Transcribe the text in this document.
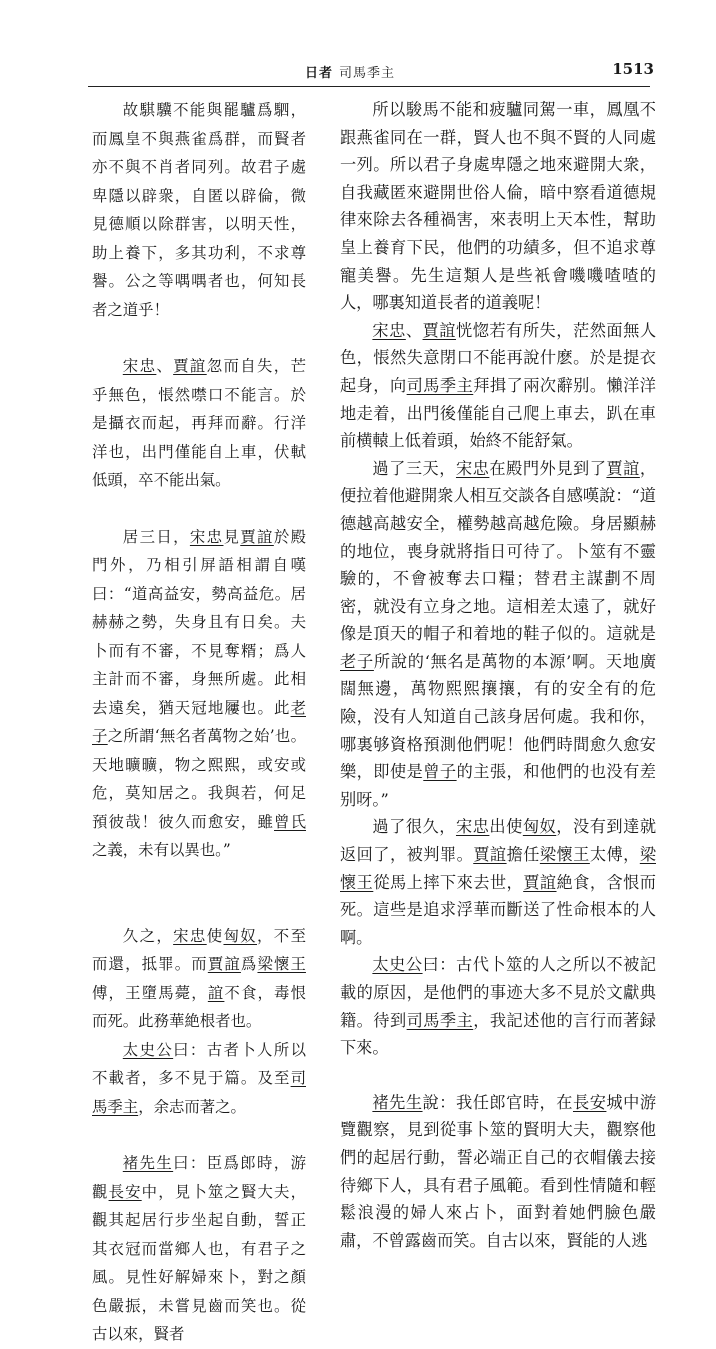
日者 司馬季主	1513

故騏驥不能與罷驢爲駟，而鳳皇不與燕雀爲群，而賢者亦不與不肖者同列。故君子處卑隱以辟衆，自匿以辟倫，微見德順以除群害，以明天性，助上養下，多其功利，不求尊譽。公之等喁喁者也，何知長者之道乎！

宋忠、賈誼忽而自失，芒乎無色，悵然噤口不能言。於是攝衣而起，再拜而辭。行洋洋也，出門僅能自上車，伏軾低頭，卒不能出氣。

居三日，宋忠見賈誼於殿門外，乃相引屏語相謂自嘆曰：“道高益安，勢高益危。居赫赫之勢，失身且有日矣。夫卜而有不審，不見奪糈；爲人主計而不審，身無所處。此相去遠矣，猶天冠地屨也。此老子之所謂‘無名者萬物之始’也。天地曠曠，物之熙熙，或安或危，莫知居之。我與若，何足預彼哉！彼久而愈安，雖曾氏之義，未有以異也。”

久之，宋忠使匈奴，不至而還，抵罪。而賈誼爲梁懷王傅，王墮馬薨，誼不食，毒恨而死。此務華絶根者也。

太史公曰：古者卜人所以不載者，多不見于篇。及至司馬季主，余志而著之。

褚先生曰：臣爲郎時，游觀長安中，見卜筮之賢大夫，觀其起居行步坐起自動，誓正其衣冠而當鄉人也，有君子之風。見性好解婦來卜，對之顏色嚴振，未嘗見齒而笑也。從古以來，賢者

所以駿馬不能和疲驢同駕一車，鳳凰不跟燕雀同在一群，賢人也不與不賢的人同處一列。所以君子身處卑隱之地來避開大衆，自我藏匿來避開世俗人倫，暗中察看道德規律來除去各種禍害，來表明上天本性，幫助皇上養育下民，他們的功績多，但不追求尊寵美譽。先生這類人是些衹會嘰嘰喳喳的人，哪裏知道長者的道義呢！

宋忠、賈誼恍惚若有所失，茫然面無人色，悵然失意閉口不能再說什麽。於是提衣起身，向司馬季主拜揖了兩次辭别。懶洋洋地走着，出門後僅能自己爬上車去，趴在車前横轅上低着頭，始終不能舒氣。

過了三天，宋忠在殿門外見到了賈誼，便拉着他避開衆人相互交談各自感嘆說：“道德越高越安全，權勢越高越危險。身居顯赫的地位，喪身就將指日可待了。卜筮有不靈驗的，不會被奪去口糧；替君主謀劃不周密，就没有立身之地。這相差太遠了，就好像是頂天的帽子和着地的鞋子似的。這就是老子所說的‘無名是萬物的本源’啊。天地廣闊無邊，萬物熙熙攘攘，有的安全有的危險，没有人知道自己該身居何處。我和你，哪裏够資格預測他們呢！他們時間愈久愈安樂，即使是曾子的主張，和他們的也没有差别呀。”

過了很久，宋忠出使匈奴，没有到達就返回了，被判罪。賈誼擔任梁懷王太傅，梁懷王從馬上摔下來去世，賈誼絶食，含恨而死。這些是追求浮華而斷送了性命根本的人啊。

太史公曰：古代卜筮的人之所以不被記載的原因，是他們的事迹大多不見於文獻典籍。待到司馬季主，我記述他的言行而著録下來。

褚先生說：我任郎官時，在長安城中游覽觀察，見到從事卜筮的賢明大夫，觀察他們的起居行動，誓必端正自己的衣帽儀去接待鄉下人，具有君子風範。看到性情隨和輕鬆浪漫的婦人來占卜，面對着她們臉色嚴肅，不曾露齒而笑。自古以來，賢能的人逃
